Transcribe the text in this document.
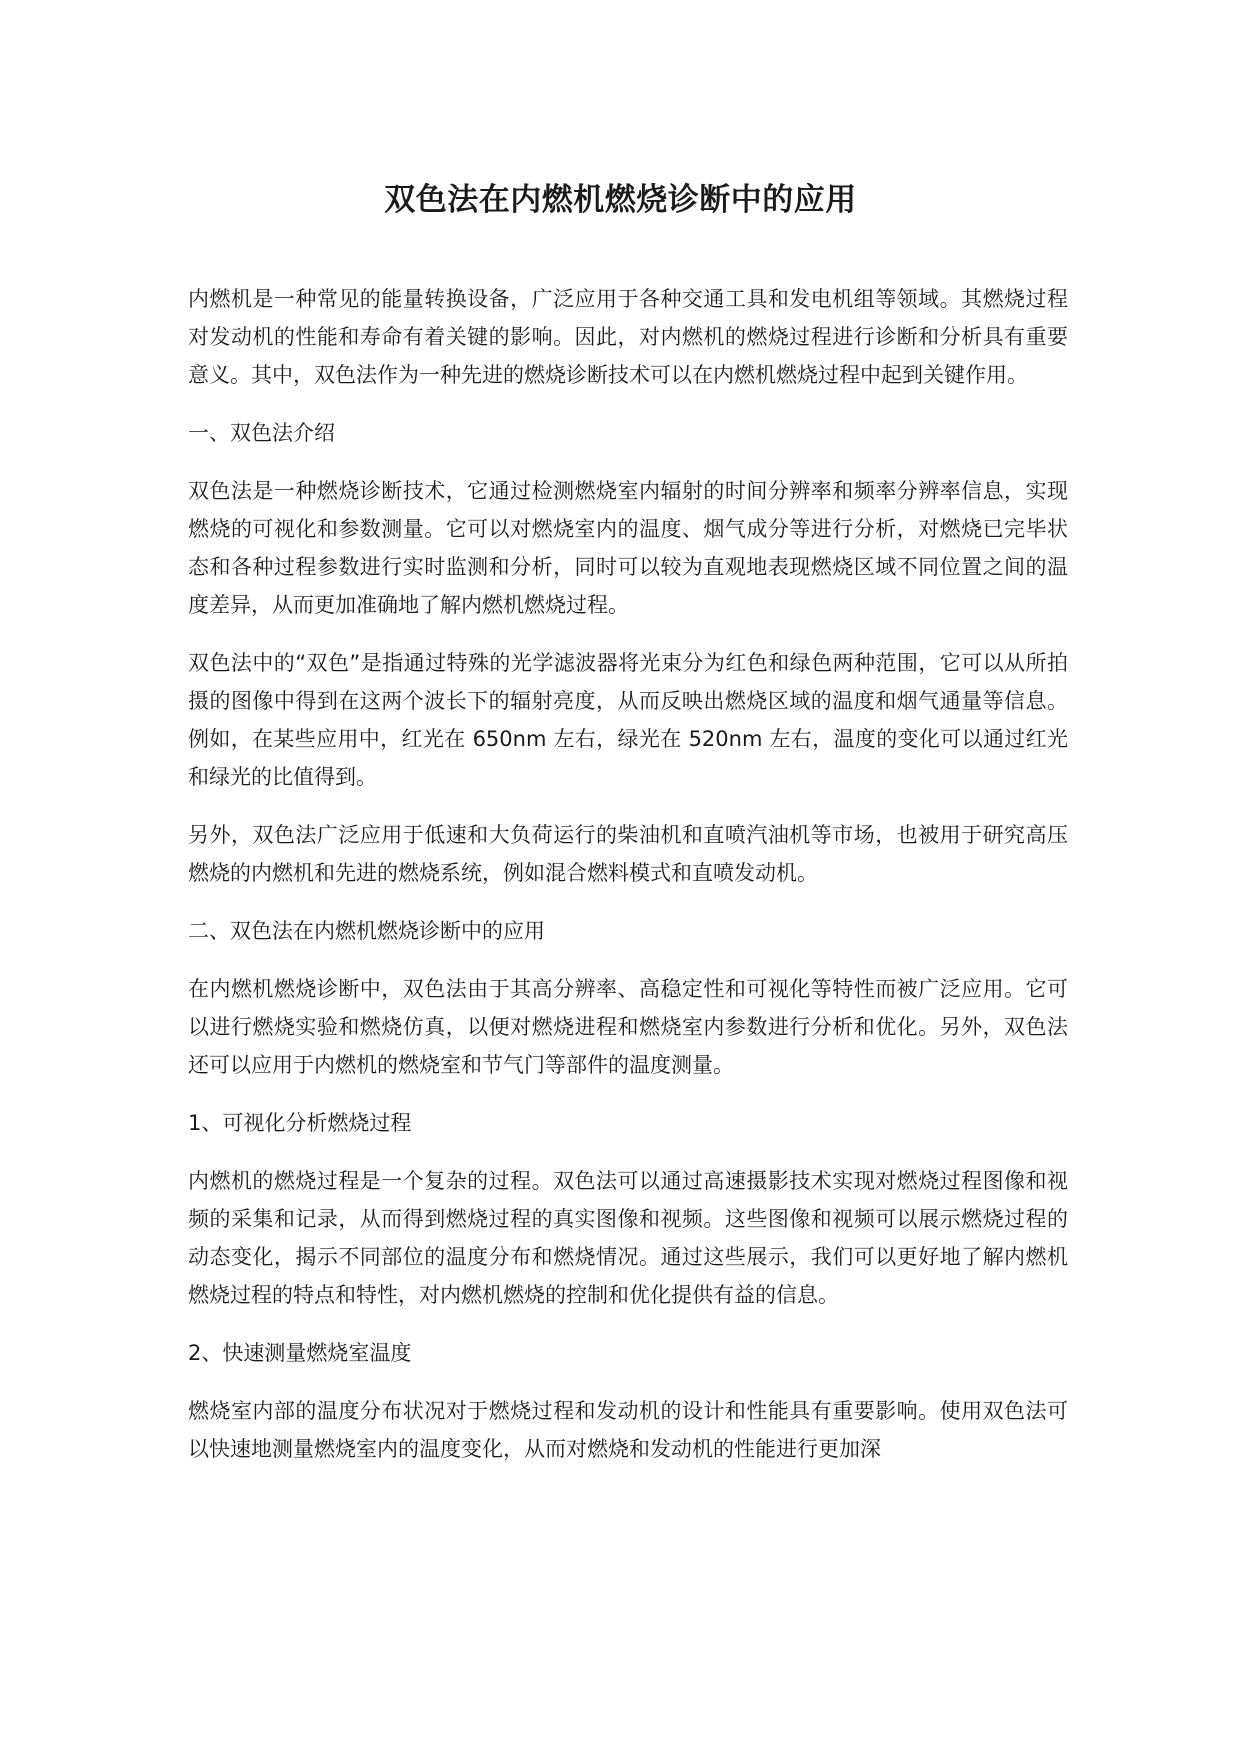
双色法在内燃机燃烧诊断中的应用

内燃机是一种常见的能量转换设备，广泛应用于各种交通工具和发电机组等领域。其燃烧过程对发动机的性能和寿命有着关键的影响。因此，对内燃机的燃烧过程进行诊断和分析具有重要意义。其中，双色法作为一种先进的燃烧诊断技术可以在内燃机燃烧过程中起到关键作用。

一、双色法介绍

双色法是一种燃烧诊断技术，它通过检测燃烧室内辐射的时间分辨率和频率分辨率信息，实现燃烧的可视化和参数测量。它可以对燃烧室内的温度、烟气成分等进行分析，对燃烧已完毕状态和各种过程参数进行实时监测和分析，同时可以较为直观地表现燃烧区域不同位置之间的温度差异，从而更加准确地了解内燃机燃烧过程。

双色法中的“双色”是指通过特殊的光学滤波器将光束分为红色和绿色两种范围，它可以从所拍摄的图像中得到在这两个波长下的辐射亮度，从而反映出燃烧区域的温度和烟气通量等信息。例如，在某些应用中，红光在 650nm 左右，绿光在 520nm 左右，温度的变化可以通过红光和绿光的比值得到。

另外，双色法广泛应用于低速和大负荷运行的柴油机和直喷汽油机等市场，也被用于研究高压燃烧的内燃机和先进的燃烧系统，例如混合燃料模式和直喷发动机。

二、双色法在内燃机燃烧诊断中的应用

在内燃机燃烧诊断中，双色法由于其高分辨率、高稳定性和可视化等特性而被广泛应用。它可以进行燃烧实验和燃烧仿真，以便对燃烧进程和燃烧室内参数进行分析和优化。另外，双色法还可以应用于内燃机的燃烧室和节气门等部件的温度测量。

1、可视化分析燃烧过程

内燃机的燃烧过程是一个复杂的过程。双色法可以通过高速摄影技术实现对燃烧过程图像和视频的采集和记录，从而得到燃烧过程的真实图像和视频。这些图像和视频可以展示燃烧过程的动态变化，揭示不同部位的温度分布和燃烧情况。通过这些展示，我们可以更好地了解内燃机燃烧过程的特点和特性，对内燃机燃烧的控制和优化提供有益的信息。

2、快速测量燃烧室温度

燃烧室内部的温度分布状况对于燃烧过程和发动机的设计和性能具有重要影响。使用双色法可以快速地测量燃烧室内的温度变化，从而对燃烧和发动机的性能进行更加深
